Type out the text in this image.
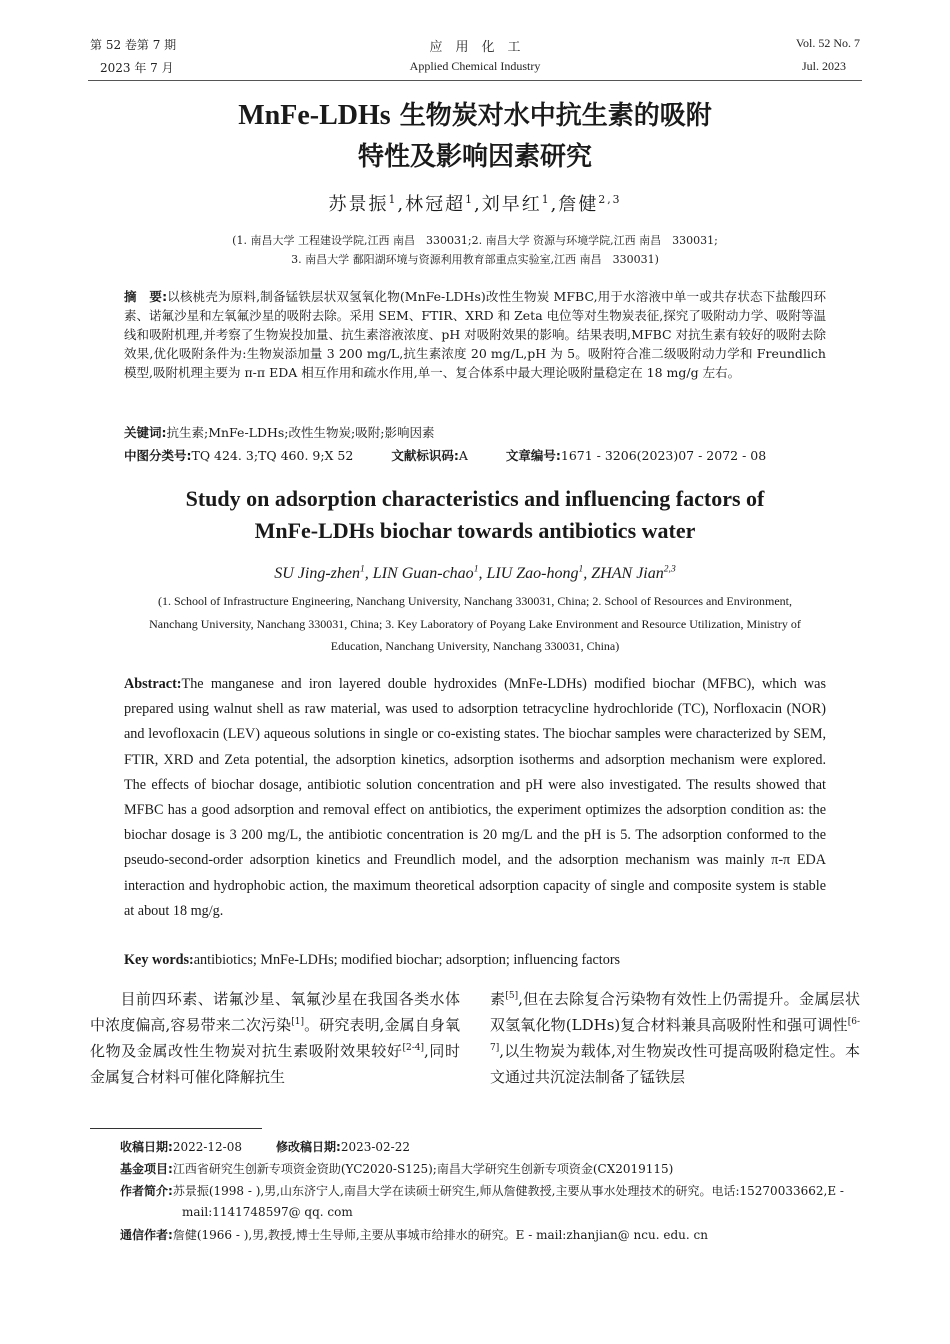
第 52 卷第 7 期
2023 年 7 月
应　用　化　工
Applied Chemical Industry
Vol. 52 No. 7
Jul. 2023
MnFe-LDHs 生物炭对水中抗生素的吸附
特性及影响因素研究
苏景振$^1$,林冠超$^1$,刘早红$^1$,詹健$^{2,3}$
(1. 南昌大学 工程建设学院,江西 南昌　330031;2. 南昌大学 资源与环境学院,江西 南昌　330031;
3. 南昌大学 鄱阳湖环境与资源利用教育部重点实验室,江西 南昌　330031)
摘　要:以核桃壳为原料,制备锰铁层状双氢氧化物(MnFe-LDHs)改性生物炭 MFBC,用于水溶液中单一或共存状态下盐酸四环素、诺氟沙星和左氧氟沙星的吸附去除。采用 SEM、FTIR、XRD 和 Zeta 电位等对生物炭表征,探究了吸附动力学、吸附等温线和吸附机理,并考察了生物炭投加量、抗生素溶液浓度、pH 对吸附效果的影响。结果表明,MFBC 对抗生素有较好的吸附去除效果,优化吸附条件为:生物炭添加量 3 200 mg/L,抗生素浓度 20 mg/L,pH 为 5。吸附符合准二级吸附动力学和 Freundlich 模型,吸附机理主要为 π-π EDA 相互作用和疏水作用,单一、复合体系中最大理论吸附量稳定在 18 mg/g 左右。
关键词:抗生素;MnFe-LDHs;改性生物炭;吸附;影响因素
中图分类号:TQ 424. 3;TQ 460. 9;X 52	文献标识码:A	文章编号:1671 - 3206(2023)07 - 2072 - 08
Study on adsorption characteristics and influencing factors of
MnFe-LDHs biochar towards antibiotics water
SU Jing-zhen$^1$, LIN Guan-chao$^1$, LIU Zao-hong$^1$, ZHAN Jian$^{2,3}$
(1. School of Infrastructure Engineering, Nanchang University, Nanchang 330031, China; 2. School of Resources and Environment, Nanchang University, Nanchang 330031, China; 3. Key Laboratory of Poyang Lake Environment and Resource Utilization, Ministry of Education, Nanchang University, Nanchang 330031, China)
Abstract:The manganese and iron layered double hydroxides (MnFe-LDHs) modified biochar (MFBC), which was prepared using walnut shell as raw material, was used to adsorption tetracycline hydrochloride (TC), Norfloxacin (NOR) and levofloxacin (LEV) aqueous solutions in single or co-existing states. The biochar samples were characterized by SEM, FTIR, XRD and Zeta potential, the adsorption kinetics, adsorption isotherms and adsorption mechanism were explored. The effects of biochar dosage, antibiotic solution concentration and pH were also investigated. The results showed that MFBC has a good adsorption and removal effect on antibiotics, the experiment optimizes the adsorption condition as: the biochar dosage is 3 200 mg/L, the antibiotic concentration is 20 mg/L and the pH is 5. The adsorption conformed to the pseudo-second-order adsorption kinetics and Freundlich model, and the adsorption mechanism was mainly π-π EDA interaction and hydrophobic action, the maximum theoretical adsorption capacity of single and composite system is stable at about 18 mg/g.
Key words:antibiotics; MnFe-LDHs; modified biochar; adsorption; influencing factors
目前四环素、诺氟沙星、氧氟沙星在我国各类水体中浓度偏高,容易带来二次污染[1]。研究表明,金属自身氧化物及金属改性生物炭对抗生素吸附效果较好[2-4],同时金属复合材料可催化降解抗生
素[5],但在去除复合污染物有效性上仍需提升。金属层状双氢氧化物(LDHs)复合材料兼具高吸附性和强可调性[6-7],以生物炭为载体,对生物炭改性可提高吸附稳定性。本文通过共沉淀法制备了锰铁层
收稿日期:2022-12-08	修改稿日期:2023-02-22
基金项目:江西省研究生创新专项资金资助(YC2020-S125);南昌大学研究生创新专项资金(CX2019115)
作者简介:苏景振(1998 - ),男,山东济宁人,南昌大学在读硕士研究生,师从詹健教授,主要从事水处理技术的研究。电话:15270033662,E - mail:1141748597@ qq. com
通信作者:詹健(1966 - ),男,教授,博士生导师,主要从事城市给排水的研究。E - mail:zhanjian@ ncu. edu. cn
